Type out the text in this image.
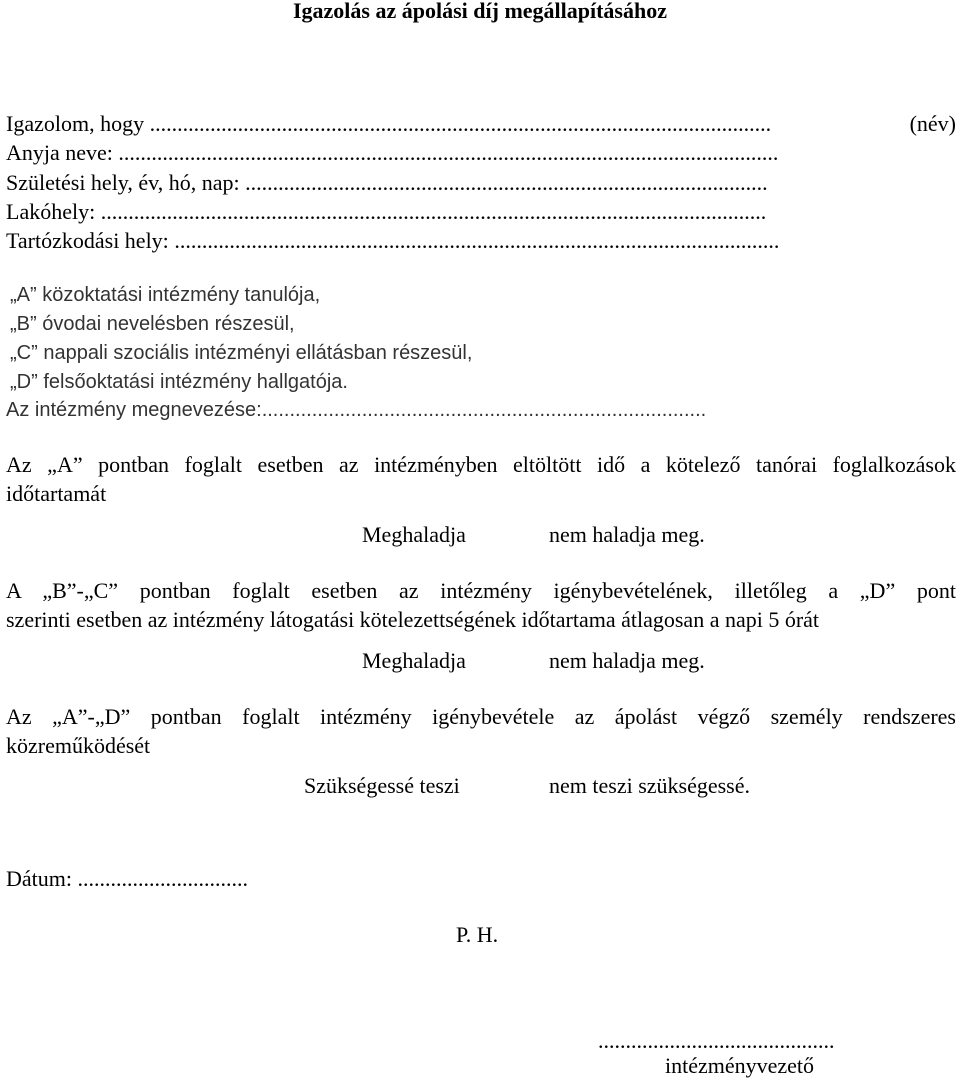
Igazolás az ápolási díj megállapításához
Igazolom, hogy .................................................................................................................	(név)
Anyja neve: ........................................................................................................................
Születési hely, év, hó, nap: ...............................................................................................
Lakóhely: .........................................................................................................................
Tartózkodási hely: ..............................................................................................................
„A” közoktatási intézmény tanulója,
„B” óvodai nevelésben részesül,
„C” nappali szociális intézményi ellátásban részesül,
„D” felsőoktatási intézmény hallgatója.
Az intézmény megnevezése:................................................................................
Az „A” pontban foglalt esetben az intézményben eltöltött idő a kötelező tanórai foglalkozások
időtartamát
Meghaladja	nem haladja meg.
A „B”-„C” pontban foglalt esetben az intézmény igénybevételének, illetőleg a „D” pont
szerinti esetben az intézmény látogatási kötelezettségének időtartama átlagosan a napi 5 órát
Meghaladja	nem haladja meg.
Az „A”-„D” pontban foglalt intézmény igénybevétele az ápolást végző személy rendszeres
közreműködését
Szükségessé teszi	nem teszi szükségessé.
Dátum: ...............................
P. H.
...........................................
intézményvezető
